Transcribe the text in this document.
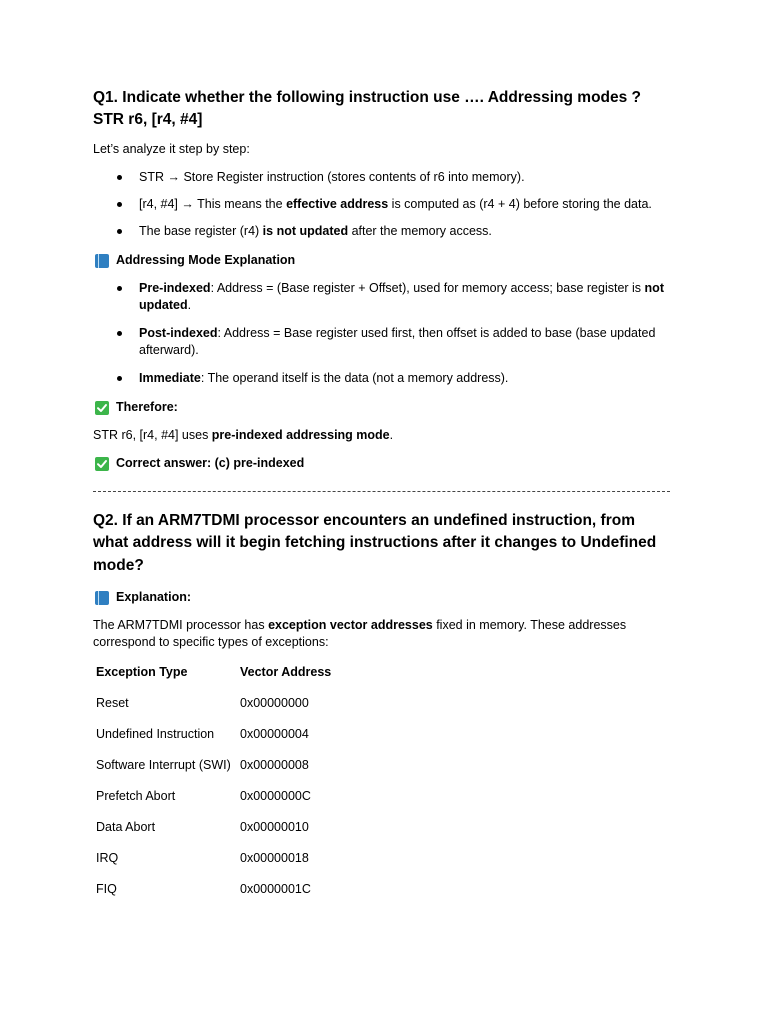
Q1. Indicate whether the following instruction use …. Addressing modes ?
STR r6, [r4, #4]
Let’s analyze it step by step:
STR → Store Register instruction (stores contents of r6 into memory).
[r4, #4] → This means the effective address is computed as (r4 + 4) before storing the data.
The base register (r4) is not updated after the memory access.
Addressing Mode Explanation
Pre-indexed: Address = (Base register + Offset), used for memory access; base register is not
updated.
Post-indexed: Address = Base register used first, then offset is added to base (base updated
afterward).
Immediate: The operand itself is the data (not a memory address).
Therefore:
STR r6, [r4, #4] uses pre-indexed addressing mode.
Correct answer: (c) pre-indexed
Q2. If an ARM7TDMI processor encounters an undefined instruction, from
what address will it begin fetching instructions after it changes to Undefined
mode?
Explanation:
The ARM7TDMI processor has exception vector addresses fixed in memory. These addresses
correspond to specific types of exceptions:
Exception Type	Vector Address
Reset	0x00000000
Undefined Instruction 0x00000004
Software Interrupt (SWI) 0x00000008
Prefetch Abort	0x0000000C
Data Abort	0x00000010
IRQ	0x00000018
FIQ	0x0000001C
